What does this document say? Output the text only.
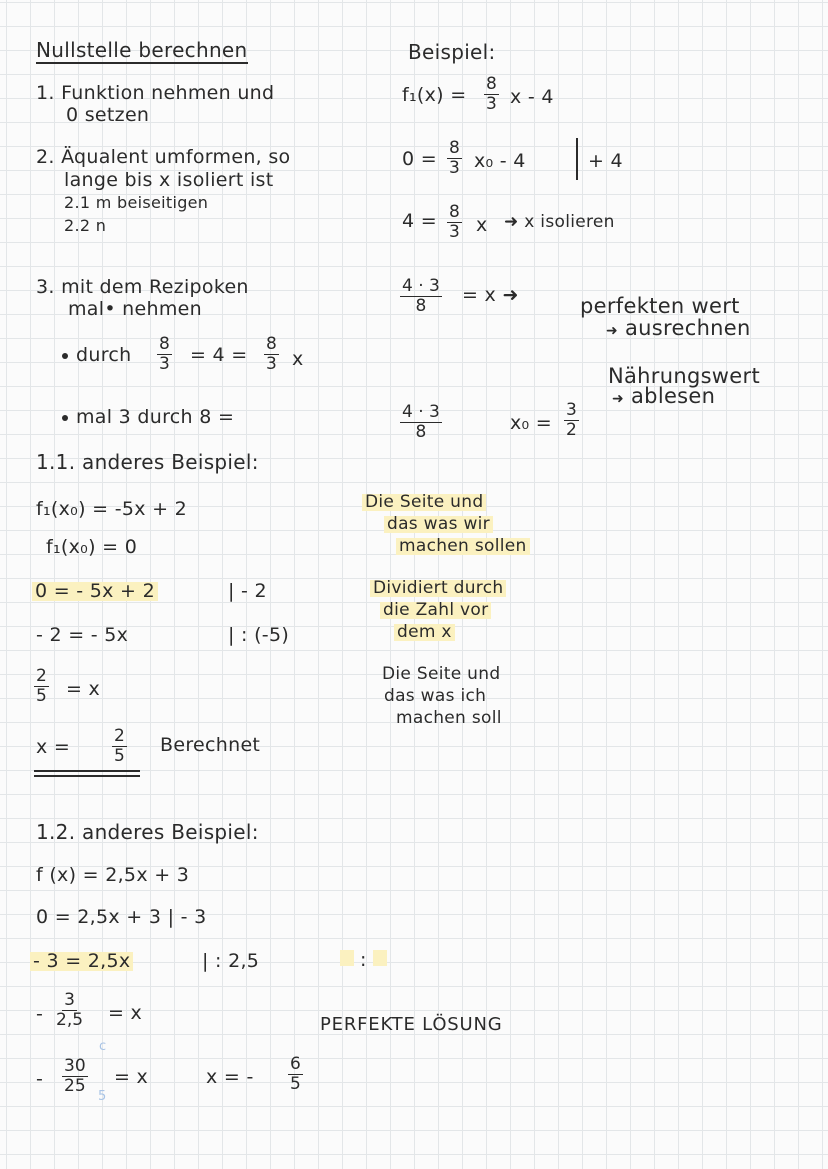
Nullstelle berechnen
1. Funktion nehmen und
0 setzen
2. Äqualent umformen, so
lange bis x isoliert ist
2.1 m beiseitigen
2.2 n
3. mit dem Rezipoken
mal• nehmen
durch $\frac{8}{3} = 4 = \frac{8}{3}$ x
mal 3 durch 8 =
1.1. anderes Beispiel:
f₁(x₀) = -5x + 2
f₁(x₀) = 0
0 = - 5x + 2	| - 2
- 2 = - 5x	| : (-5)
$\frac{2}{5} = x$
$x = \frac{2}{5}$ Berechnet
1.2. anderes Beispiel:
f (x) = 2,5x + 3
0 = 2,5x + 3 | - 3
- 3 = 2,5x	| : 2,5
- $\frac{3}{2,5} = x$
- $\frac{30}{25}$
c
5
= x	x = - $\frac{6}{5}$
Beispiel:
$f_1(x) = \frac{8}{3}$ x - 4
$0 = \frac{8}{3} x_0 - 4$	+ 4
$4 = \frac{8}{3}$ x ➜ x isolieren
$\frac{4 \cdot 3}{8} = x$ ➜	perfekten wert
➜ ausrechnen
Nährungswert
➜ ablesen
$\frac{4 \cdot 3}{8}$	$x_0 = \frac{3}{2}$
Die Seite und
das was wir
machen sollen
Dividiert durch
die Zahl vor
dem x
Die Seite und
das was ich
machen soll
:
PERFEKTE LÖSUNG
